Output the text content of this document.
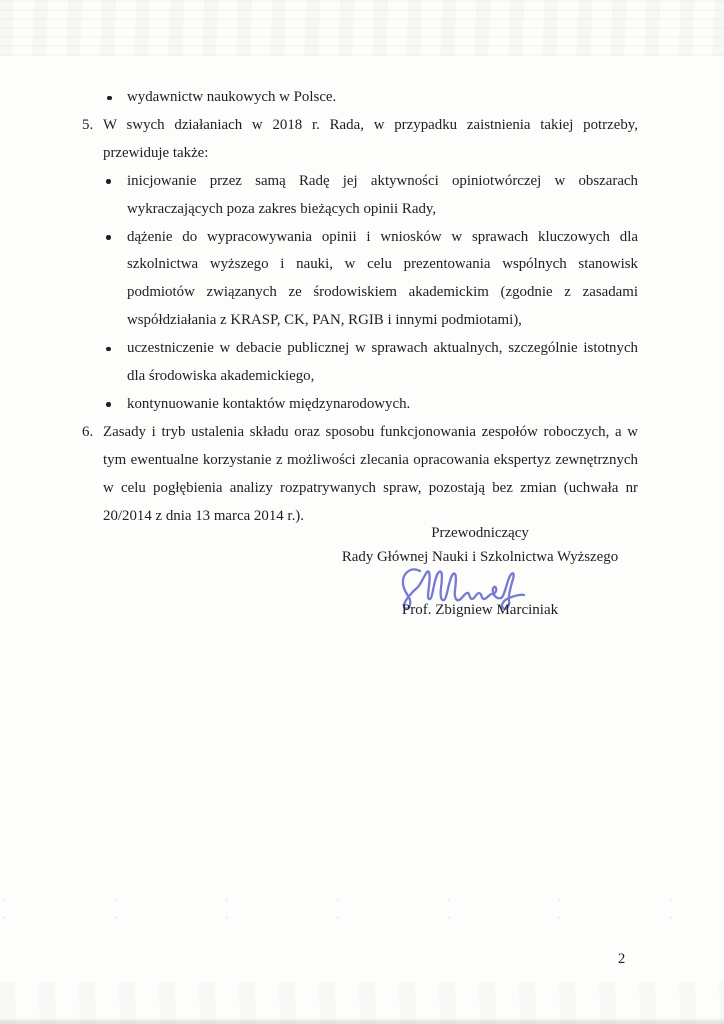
wydawnictw naukowych w Polsce.
5. W swych działaniach w 2018 r. Rada, w przypadku zaistnienia takiej potrzeby, przewiduje także:
inicjowanie przez samą Radę jej aktywności opiniotwórczej w obszarach wykraczających poza zakres bieżących opinii Rady,
dążenie do wypracowywania opinii i wniosków w sprawach kluczowych dla szkolnictwa wyższego i nauki, w celu prezentowania wspólnych stanowisk podmiotów związanych ze środowiskiem akademickim (zgodnie z zasadami współdziałania z KRASP, CK, PAN, RGIB i innymi podmiotami),
uczestniczenie w debacie publicznej w sprawach aktualnych, szczególnie istotnych dla środowiska akademickiego,
kontynuowanie kontaktów międzynarodowych.
6. Zasady i tryb ustalenia składu oraz sposobu funkcjonowania zespołów roboczych, a w tym ewentualne korzystanie z możliwości zlecania opracowania ekspertyz zewnętrznych w celu pogłębienia analizy rozpatrywanych spraw, pozostają bez zmian (uchwała nr 20/2014 z dnia 13 marca 2014 r.).
Przewodniczący
Rady Głównej Nauki i Szkolnictwa Wyższego
Prof. Zbigniew Marciniak
2
